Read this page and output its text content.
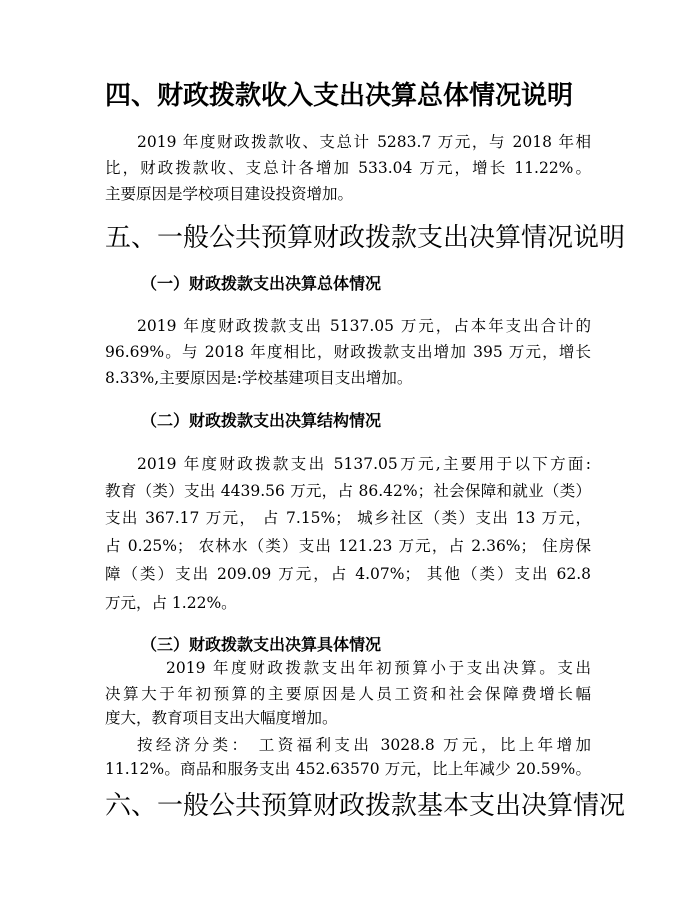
四、财政拨款收入支出决算总体情况说明
2019 年度财政拨款收、支总计 5283.7 万元，与 2018 年相
比，财政拨款收、支总计各增加 533.04 万元，增长 11.22%。
主要原因是学校项目建设投资增加。
五、一般公共预算财政拨款支出决算情况说明
（一）财政拨款支出决算总体情况
2019 年度财政拨款支出 5137.05 万元，占本年支出合计的
96.69%。与 2018 年度相比，财政拨款支出增加 395 万元，增长
8.33%,主要原因是:学校基建项目支出增加。
（二）财政拨款支出决算结构情况
2019 年度财政拨款支出 5137.05万元,主要用于以下方面:
教育（类）支出 4439.56 万元，占 86.42%；社会保障和就业（类）
支出 367.17 万元， 占 7.15%； 城乡社区（类）支出 13 万元，
占 0.25%； 农林水（类）支出 121.23 万元，占 2.36%； 住房保
障（类）支出 209.09 万元，占 4.07%； 其他（类）支出 62.8
万元，占 1.22%。
（三）财政拨款支出决算具体情况
2019 年度财政拨款支出年初预算小于支出决算。支出
决算大于年初预算的主要原因是人员工资和社会保障费增长幅
度大，教育项目支出大幅度增加。
按经济分类： 工资福利支出 3028.8 万元，比上年增加
11.12%。商品和服务支出 452.63570 万元，比上年减少 20.59%。
六、一般公共预算财政拨款基本支出决算情况
